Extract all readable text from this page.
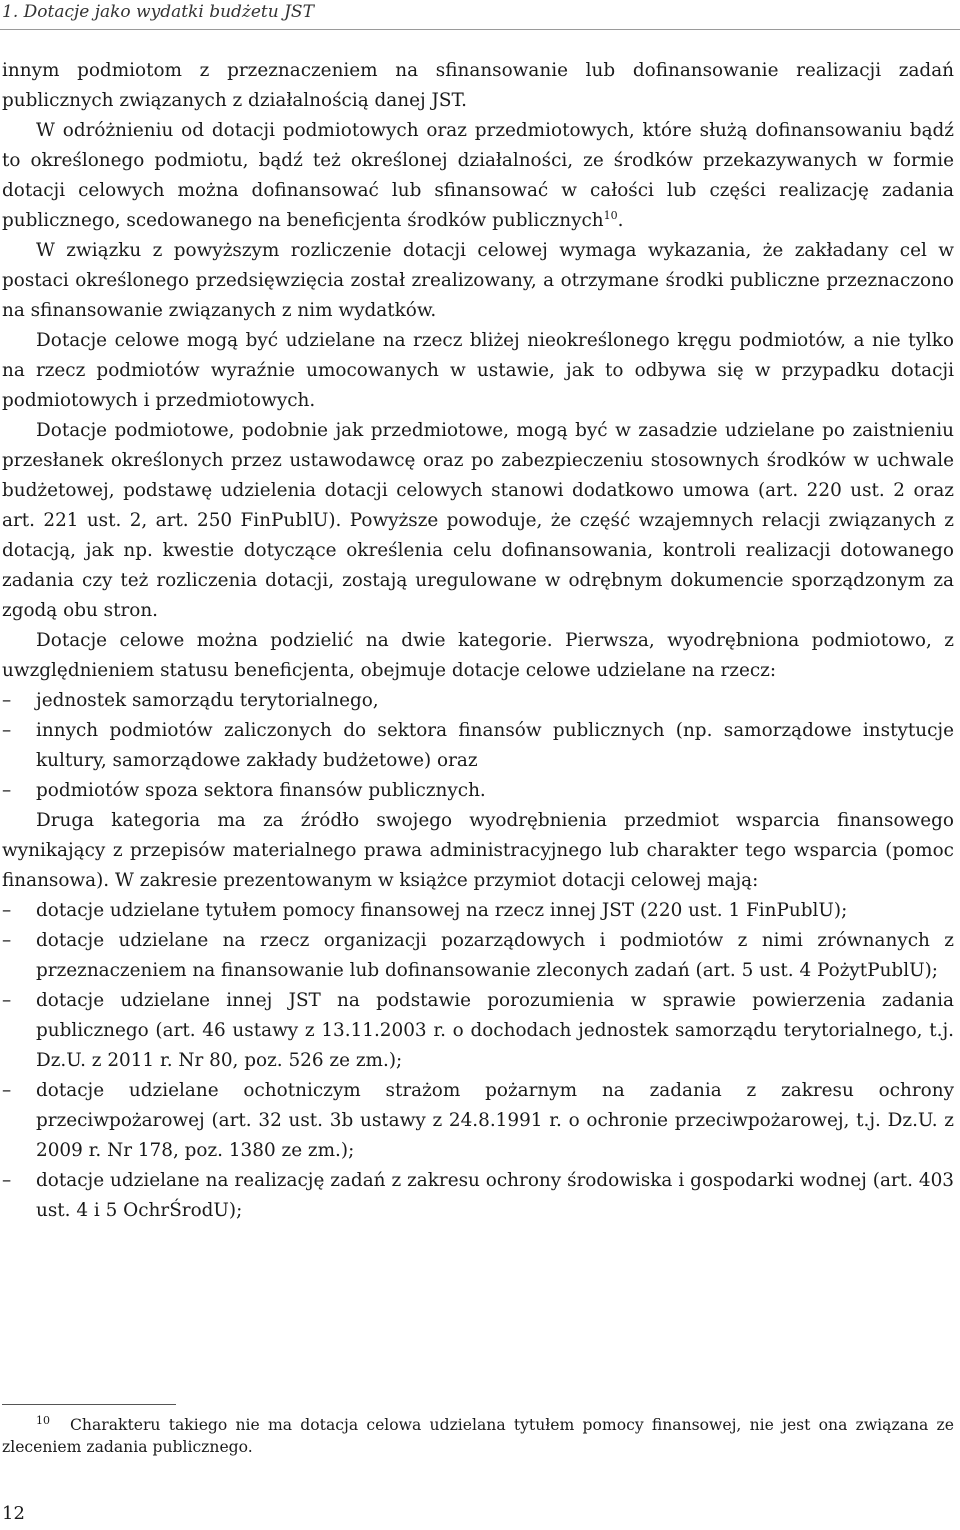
1. Dotacje jako wydatki budżetu JST

innym podmiotom z przeznaczeniem na sfinansowanie lub dofinansowanie realizacji zadań publicznych związanych z działalnością danej JST.

W odróżnieniu od dotacji podmiotowych oraz przedmiotowych, które służą dofinansowaniu bądź to określonego podmiotu, bądź też określonej działalności, ze środków przekazywanych w formie dotacji celowych można dofinansować lub sfinansować w całości lub części realizację zadania publicznego, scedowanego na beneficjenta środków publicznych$^{10}$.

W związku z powyższym rozliczenie dotacji celowej wymaga wykazania, że zakładany cel w postaci określonego przedsięwzięcia został zrealizowany, a otrzymane środki publiczne przeznaczono na sfinansowanie związanych z nim wydatków.

Dotacje celowe mogą być udzielane na rzecz bliżej nieokreślonego kręgu podmiotów, a nie tylko na rzecz podmiotów wyraźnie umocowanych w ustawie, jak to odbywa się w przypadku dotacji podmiotowych i przedmiotowych.

Dotacje podmiotowe, podobnie jak przedmiotowe, mogą być w zasadzie udzielane po zaistnieniu przesłanek określonych przez ustawodawcę oraz po zabezpieczeniu stosownych środków w uchwale budżetowej, podstawę udzielenia dotacji celowych stanowi dodatkowo umowa (art. 220 ust. 2 oraz art. 221 ust. 2, art. 250 FinPublU). Powyższe powoduje, że część wzajemnych relacji związanych z dotacją, jak np. kwestie dotyczące określenia celu dofinansowania, kontroli realizacji dotowanego zadania czy też rozliczenia dotacji, zostają uregulowane w odrębnym dokumencie sporządzonym za zgodą obu stron.

Dotacje celowe można podzielić na dwie kategorie. Pierwsza, wyodrębniona podmiotowo, z uwzględnieniem statusu beneficjenta, obejmuje dotacje celowe udzielane na rzecz:

–	jednostek samorządu terytorialnego,
–	innych podmiotów zaliczonych do sektora finansów publicznych (np. samorządowe instytucje kultury, samorządowe zakłady budżetowe) oraz
–	podmiotów spoza sektora finansów publicznych.

Druga kategoria ma za źródło swojego wyodrębnienia przedmiot wsparcia finansowego wynikający z przepisów materialnego prawa administracyjnego lub charakter tego wsparcia (pomoc finansowa). W zakresie prezentowanym w książce przymiot dotacji celowej mają:

–	dotacje udzielane tytułem pomocy finansowej na rzecz innej JST (220 ust. 1 FinPublU);
–	dotacje udzielane na rzecz organizacji pozarządowych i podmiotów z nimi zrównanych z przeznaczeniem na finansowanie lub dofinansowanie zleconych zadań (art. 5 ust. 4 PożytPublU);
–	dotacje udzielane innej JST na podstawie porozumienia w sprawie powierzenia zadania publicznego (art. 46 ustawy z 13.11.2003 r. o dochodach jednostek samorządu terytorialnego, t.j. Dz.U. z 2011 r. Nr 80, poz. 526 ze zm.);
–	dotacje udzielane ochotniczym strażom pożarnym na zadania z zakresu ochrony przeciwpożarowej (art. 32 ust. 3b ustawy z 24.8.1991 r. o ochronie przeciwpożarowej, t.j. Dz.U. z 2009 r. Nr 178, poz. 1380 ze zm.);
–	dotacje udzielane na realizację zadań z zakresu ochrony środowiska i gospodarki wodnej (art. 403 ust. 4 i 5 OchrŚrodU);
10 Charakteru takiego nie ma dotacja celowa udzielana tytułem pomocy finansowej, nie jest ona związana ze zleceniem zadania publicznego.
12
